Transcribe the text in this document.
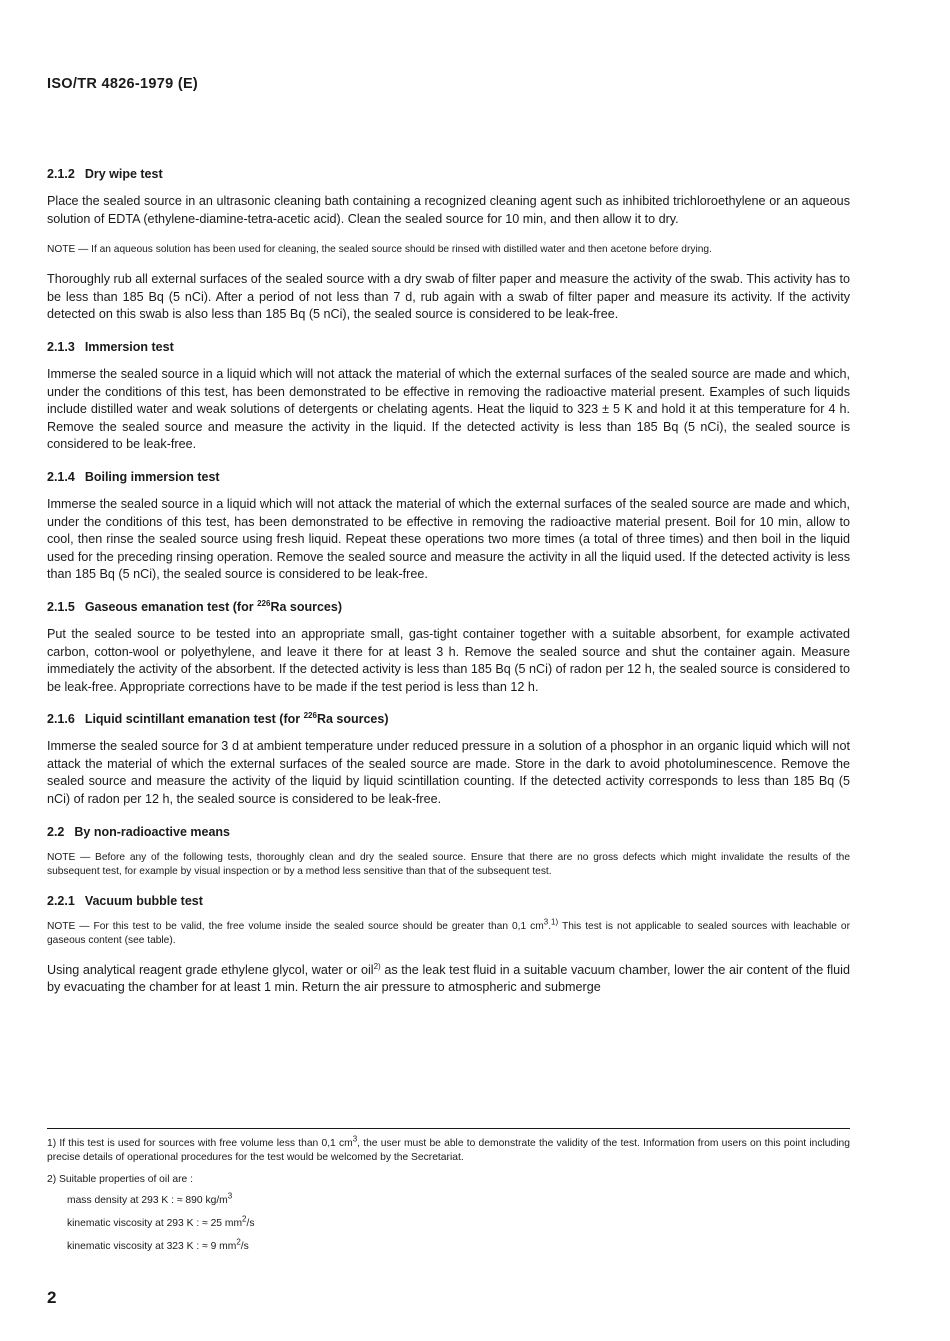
ISO/TR 4826-1979 (E)
2.1.2 Dry wipe test

Place the sealed source in an ultrasonic cleaning bath containing a recognized cleaning agent such as inhibited trichloroethylene or an aqueous solution of EDTA (ethylene-diamine-tetra-acetic acid). Clean the sealed source for 10 min, and then allow it to dry.

NOTE — If an aqueous solution has been used for cleaning, the sealed source should be rinsed with distilled water and then acetone before drying.

Thoroughly rub all external surfaces of the sealed source with a dry swab of filter paper and measure the activity of the swab. This activity has to be less than 185 Bq (5 nCi). After a period of not less than 7 d, rub again with a swab of filter paper and measure its activity. If the activity detected on this swab is also less than 185 Bq (5 nCi), the sealed source is considered to be leak-free.

2.1.3 Immersion test

Immerse the sealed source in a liquid which will not attack the material of which the external surfaces of the sealed source are made and which, under the conditions of this test, has been demonstrated to be effective in removing the radioactive material present. Examples of such liquids include distilled water and weak solutions of detergents or chelating agents. Heat the liquid to 323 ± 5 K and hold it at this temperature for 4 h. Remove the sealed source and measure the activity in the liquid. If the detected activity is less than 185 Bq (5 nCi), the sealed source is considered to be leak-free.

2.1.4 Boiling immersion test

Immerse the sealed source in a liquid which will not attack the material of which the external surfaces of the sealed source are made and which, under the conditions of this test, has been demonstrated to be effective in removing the radioactive material present. Boil for 10 min, allow to cool, then rinse the sealed source using fresh liquid. Repeat these operations two more times (a total of three times) and then boil in the liquid used for the preceding rinsing operation. Remove the sealed source and measure the activity in all the liquid used. If the detected activity is less than 185 Bq (5 nCi), the sealed source is considered to be leak-free.

2.1.5 Gaseous emanation test (for $^{226}$Ra sources)

Put the sealed source to be tested into an appropriate small, gas-tight container together with a suitable absorbent, for example activated carbon, cotton-wool or polyethylene, and leave it there for at least 3 h. Remove the sealed source and shut the container again. Measure immediately the activity of the absorbent. If the detected activity is less than 185 Bq (5 nCi) of radon per 12 h, the sealed source is considered to be leak-free. Appropriate corrections have to be made if the test period is less than 12 h.

2.1.6 Liquid scintillant emanation test (for $^{226}$Ra sources)

Immerse the sealed source for 3 d at ambient temperature under reduced pressure in a solution of a phosphor in an organic liquid which will not attack the material of which the external surfaces of the sealed source are made. Store in the dark to avoid photoluminescence. Remove the sealed source and measure the activity of the liquid by liquid scintillation counting. If the detected activity corresponds to less than 185 Bq (5 nCi) of radon per 12 h, the sealed source is considered to be leak-free.

2.2 By non-radioactive means

NOTE — Before any of the following tests, thoroughly clean and dry the sealed source. Ensure that there are no gross defects which might invalidate the results of the subsequent test, for example by visual inspection or by a method less sensitive than that of the subsequent test.

2.2.1 Vacuum bubble test

NOTE — For this test to be valid, the free volume inside the sealed source should be greater than 0,1 $cm^3.^{1)}$ This test is not applicable to sealed sources with leachable or gaseous content (see table).

Using analytical reagent grade ethylene glycol, water or oil$^{2)}$ as the leak test fluid in a suitable vacuum chamber, lower the air content of the fluid by evacuating the chamber for at least 1 min. Return the air pressure to atmospheric and submerge

1) If this test is used for sources with free volume less than 0,1 $cm^3$, the user must be able to demonstrate the validity of the test. Information from users on this point including precise details of operational procedures for the test would be welcomed by the Secretariat.

2) Suitable properties of oil are :
mass density at 293 K : ≈ 890 $kg/m^3$
kinematic viscosity at 293 K : ≈ 25 $mm^2/s$
kinematic viscosity at 323 K : ≈ 9 $mm^2/s$
2
